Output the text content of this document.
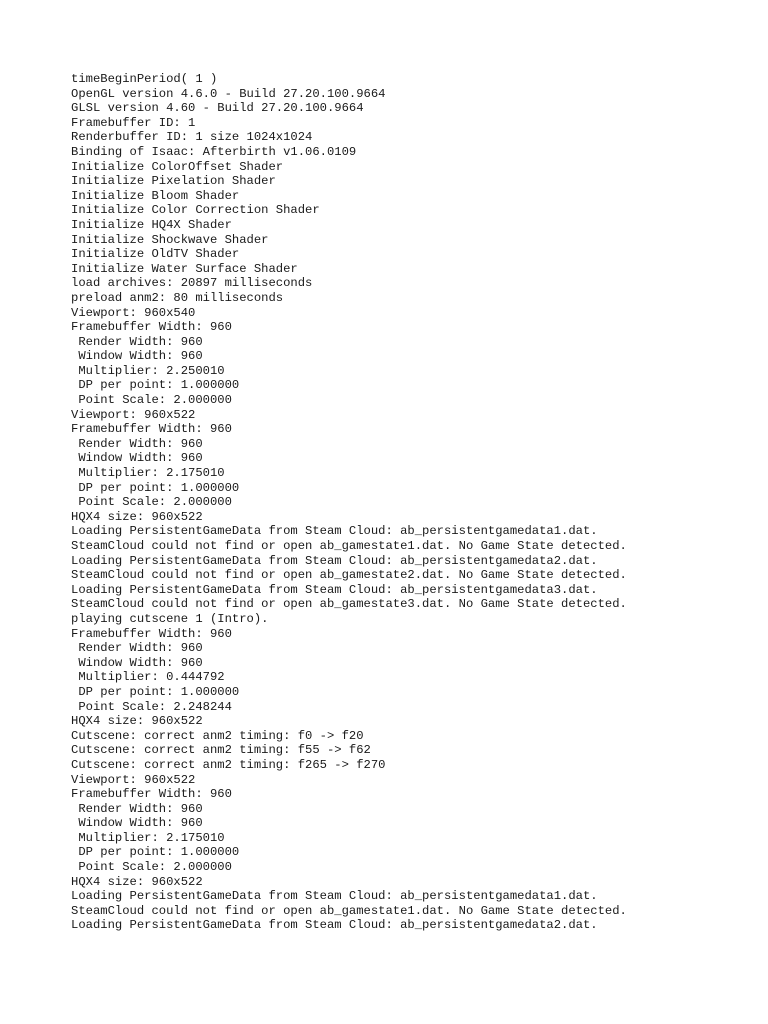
timeBeginPeriod( 1 )
OpenGL version 4.6.0 - Build 27.20.100.9664
GLSL version 4.60 - Build 27.20.100.9664
Framebuffer ID: 1
Renderbuffer ID: 1 size 1024x1024
Binding of Isaac: Afterbirth v1.06.0109
Initialize ColorOffset Shader
Initialize Pixelation Shader
Initialize Bloom Shader
Initialize Color Correction Shader
Initialize HQ4X Shader
Initialize Shockwave Shader
Initialize OldTV Shader
Initialize Water Surface Shader
load archives: 20897 milliseconds
preload anm2: 80 milliseconds
Viewport: 960x540
Framebuffer Width: 960
Render Width: 960
Window Width: 960
Multiplier: 2.250010
DP per point: 1.000000
Point Scale: 2.000000
Viewport: 960x522
Framebuffer Width: 960
Render Width: 960
Window Width: 960
Multiplier: 2.175010
DP per point: 1.000000
Point Scale: 2.000000
HQX4 size: 960x522
Loading PersistentGameData from Steam Cloud: ab_persistentgamedata1.dat.
SteamCloud could not find or open ab_gamestate1.dat. No Game State detected.
Loading PersistentGameData from Steam Cloud: ab_persistentgamedata2.dat.
SteamCloud could not find or open ab_gamestate2.dat. No Game State detected.
Loading PersistentGameData from Steam Cloud: ab_persistentgamedata3.dat.
SteamCloud could not find or open ab_gamestate3.dat. No Game State detected.
playing cutscene 1 (Intro).
Framebuffer Width: 960
Render Width: 960
Window Width: 960
Multiplier: 0.444792
DP per point: 1.000000
Point Scale: 2.248244
HQX4 size: 960x522
Cutscene: correct anm2 timing: f0 -> f20
Cutscene: correct anm2 timing: f55 -> f62
Cutscene: correct anm2 timing: f265 -> f270
Viewport: 960x522
Framebuffer Width: 960
Render Width: 960
Window Width: 960
Multiplier: 2.175010
DP per point: 1.000000
Point Scale: 2.000000
HQX4 size: 960x522
Loading PersistentGameData from Steam Cloud: ab_persistentgamedata1.dat.
SteamCloud could not find or open ab_gamestate1.dat. No Game State detected.
Loading PersistentGameData from Steam Cloud: ab_persistentgamedata2.dat.
